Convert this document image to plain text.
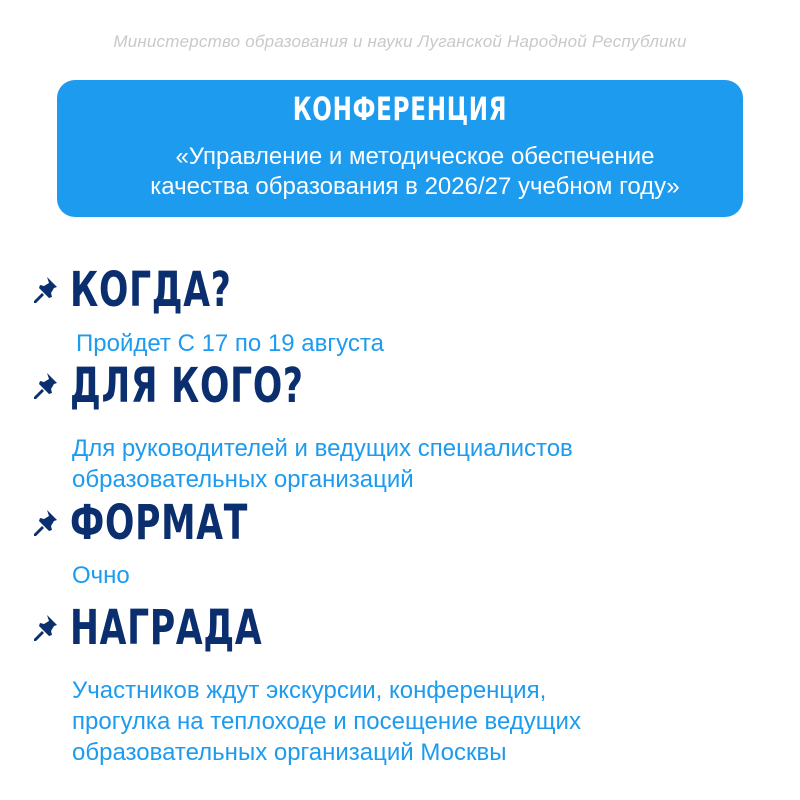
Министерство образования и науки Луганской Народной Республики
КОНФЕРЕНЦИЯ
«Управление и методическое обеспечение
качества образования в 2026/27 учебном году»
КОГДА?
Пройдет С 17 по 19 августа
ДЛЯ КОГО?
Для руководителей и ведущих специалистов
образовательных организаций
ФОРМАТ
Очно
НАГРАДА
Участников ждут экскурсии, конференция,
прогулка на теплоходе и посещение ведущих
образовательных организаций Москвы
